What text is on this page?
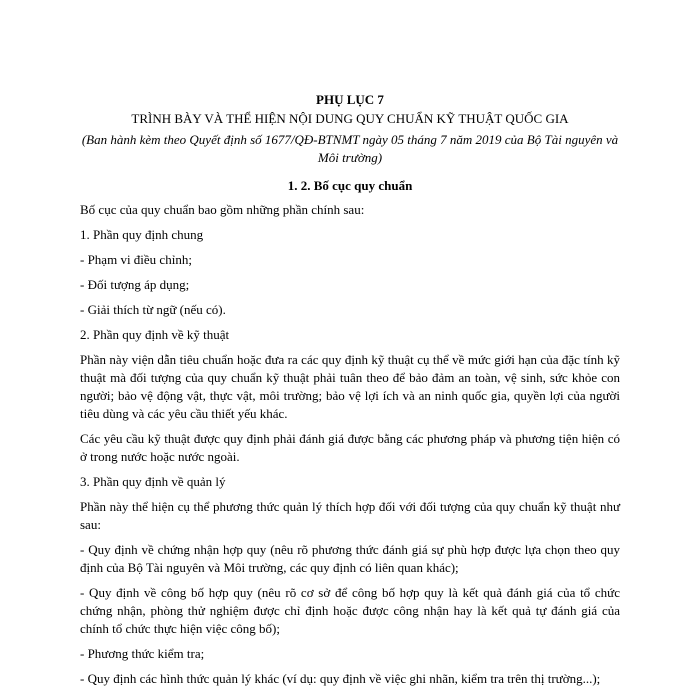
PHỤ LỤC 7
TRÌNH BÀY VÀ THỂ HIỆN NỘI DUNG QUY CHUẨN KỸ THUẬT QUỐC GIA
(Ban hành kèm theo Quyết định số 1677/QĐ-BTNMT ngày 05 tháng 7 năm 2019 của Bộ Tài nguyên và Môi trường)
1. 2. Bố cục quy chuẩn

Bố cục của quy chuẩn bao gồm những phần chính sau:

1. Phần quy định chung

- Phạm vi điều chỉnh;

- Đối tượng áp dụng;

- Giải thích từ ngữ (nếu có).

2. Phần quy định về kỹ thuật

Phần này viện dẫn tiêu chuẩn hoặc đưa ra các quy định kỹ thuật cụ thể về mức giới hạn của đặc tính kỹ thuật mà đối tượng của quy chuẩn kỹ thuật phải tuân theo để bảo đảm an toàn, vệ sinh, sức khỏe con người; bảo vệ động vật, thực vật, môi trường; bảo vệ lợi ích và an ninh quốc gia, quyền lợi của người tiêu dùng và các yêu cầu thiết yếu khác.

Các yêu cầu kỹ thuật được quy định phải đánh giá được bằng các phương pháp và phương tiện hiện có ở trong nước hoặc nước ngoài.

3. Phần quy định về quản lý

Phần này thể hiện cụ thể phương thức quản lý thích hợp đối với đối tượng của quy chuẩn kỹ thuật như sau:

- Quy định về chứng nhận hợp quy (nêu rõ phương thức đánh giá sự phù hợp được lựa chọn theo quy định của Bộ Tài nguyên và Môi trường, các quy định có liên quan khác);

- Quy định về công bố hợp quy (nêu rõ cơ sở để công bố hợp quy là kết quả đánh giá của tổ chức chứng nhận, phòng thử nghiệm được chỉ định hoặc được công nhận hay là kết quả tự đánh giá của chính tổ chức thực hiện việc công bố);

- Phương thức kiểm tra;

- Quy định các hình thức quản lý khác (ví dụ: quy định về việc ghi nhãn, kiểm tra trên thị trường...);
